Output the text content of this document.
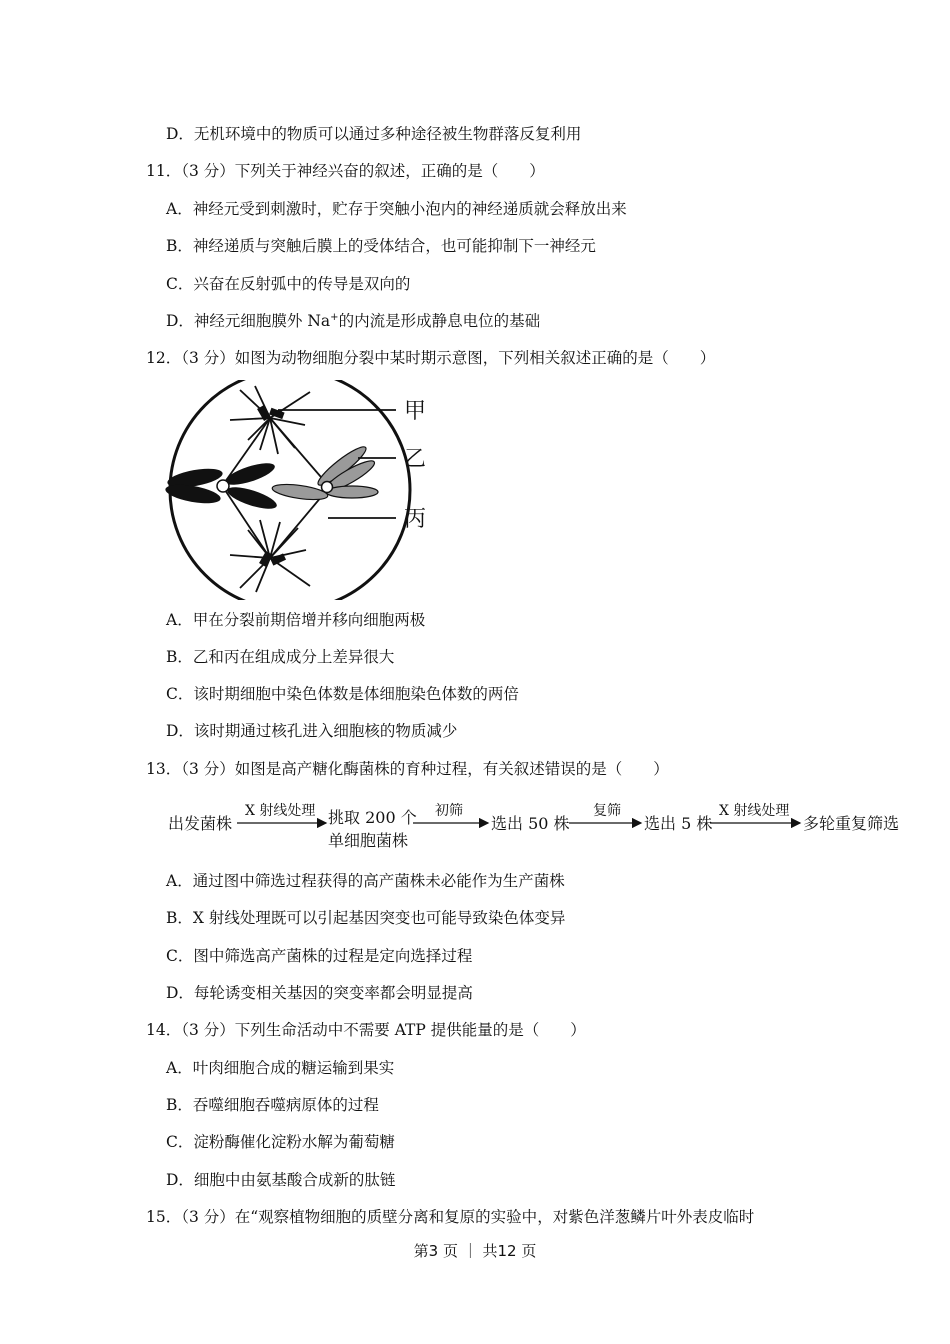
D．无机环境中的物质可以通过多种途径被生物群落反复利用
11．（3 分）下列关于神经兴奋的叙述，正确的是（　　）
A．神经元受到刺激时，贮存于突触小泡内的神经递质就会释放出来
B．神经递质与突触后膜上的受体结合，也可能抑制下一神经元
C．兴奋在反射弧中的传导是双向的
D．神经元细胞膜外 Na+的内流是形成静息电位的基础
12．（3 分）如图为动物细胞分裂中某时期示意图，下列相关叙述正确的是（　　）
甲
乙
丙
A．甲在分裂前期倍增并移向细胞两极
B．乙和丙在组成成分上差异很大
C．该时期细胞中染色体数是体细胞染色体数的两倍
D．该时期通过核孔进入细胞核的物质减少
13．（3 分）如图是高产糖化酶菌株的育种过程，有关叙述错误的是（　　）
出发菌株
X 射线处理 挑取 200 个
单细胞菌株
初筛
选出 50 株
复筛
选出 5 株
X 射线处理
多轮重复筛选
A．通过图中筛选过程获得的高产菌株未必能作为生产菌株
B．X 射线处理既可以引起基因突变也可能导致染色体变异
C．图中筛选高产菌株的过程是定向选择过程
D．每轮诱变相关基因的突变率都会明显提高
14．（3 分）下列生命活动中不需要 ATP 提供能量的是（　　）
A．叶肉细胞合成的糖运输到果实
B．吞噬细胞吞噬病原体的过程
C．淀粉酶催化淀粉水解为葡萄糖
D．细胞中由氨基酸合成新的肽链
15．（3 分）在“观察植物细胞的质壁分离和复原的实验中，对紫色洋葱鳞片叶外表皮临时
第3 页 ｜ 共12 页
